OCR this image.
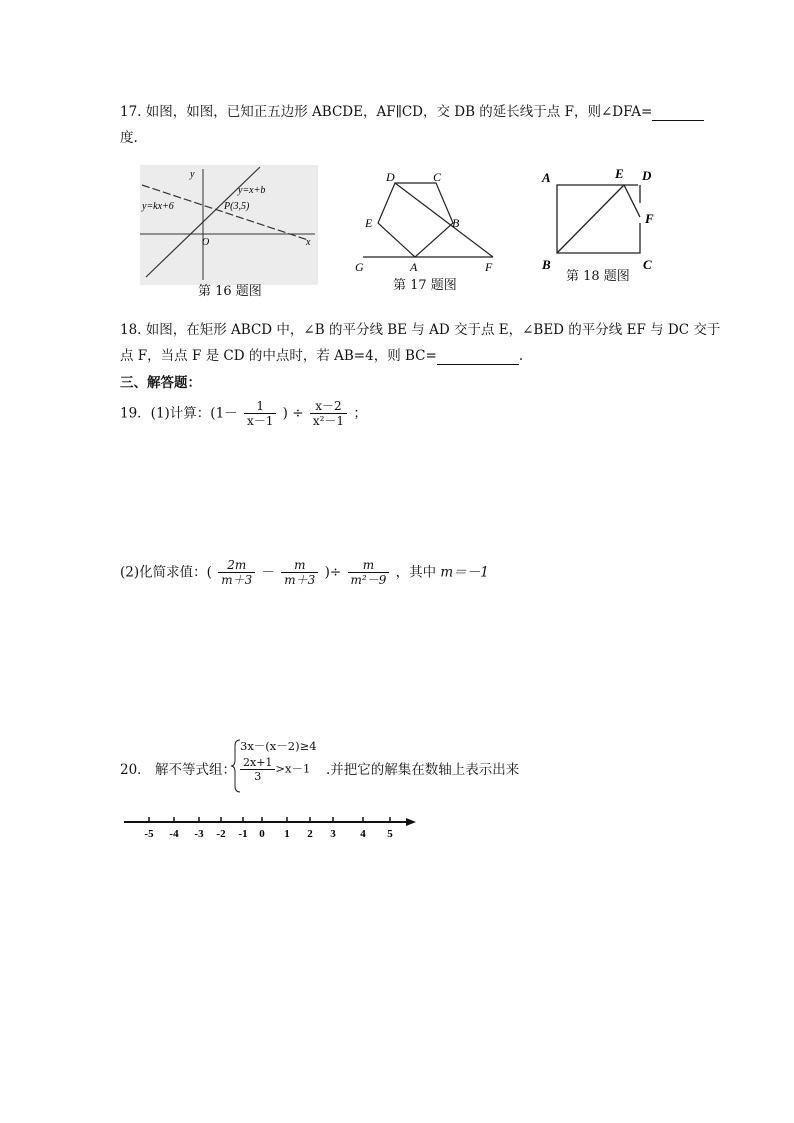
17. 如图，如图，已知正五边形 ABCDE，AF∥CD，交 DB 的延长线于点 F，则∠DFA=
度.
y
x
O
P(3,5)
y=x+b
y=kx+6
第 16 题图
D	C
E	B
A
G	F
第 17 题图
A	E D
F
B	C
第 18 题图
18. 如图，在矩形 ABCD 中，∠B 的平分线 BE 与 AD 交于点 E，∠BED 的平分线 EF 与 DC 交于
点 F，当点 F 是 CD 的中点时，若 AB=4，则 BC=	.
三、解答题：
19．(1)计算：($1- \frac{1}{x-1}$ ) ÷ $\frac{x-2}{\text{x²－1}}$ ；
(2)化简求值：( $\frac{2m}{m+3} - \frac{m}{m+3}$ )÷ $\frac{m}{\text{m²－9}}$ ，其中 m＝－1
20． 解不等式组：
3x－(x－2)≥4
$\frac{2x+1}{3} >x-1$ .并把它的解集在数轴上表示出来
-5 -4 -3 -2 -1 0 1 2 3 4 5
